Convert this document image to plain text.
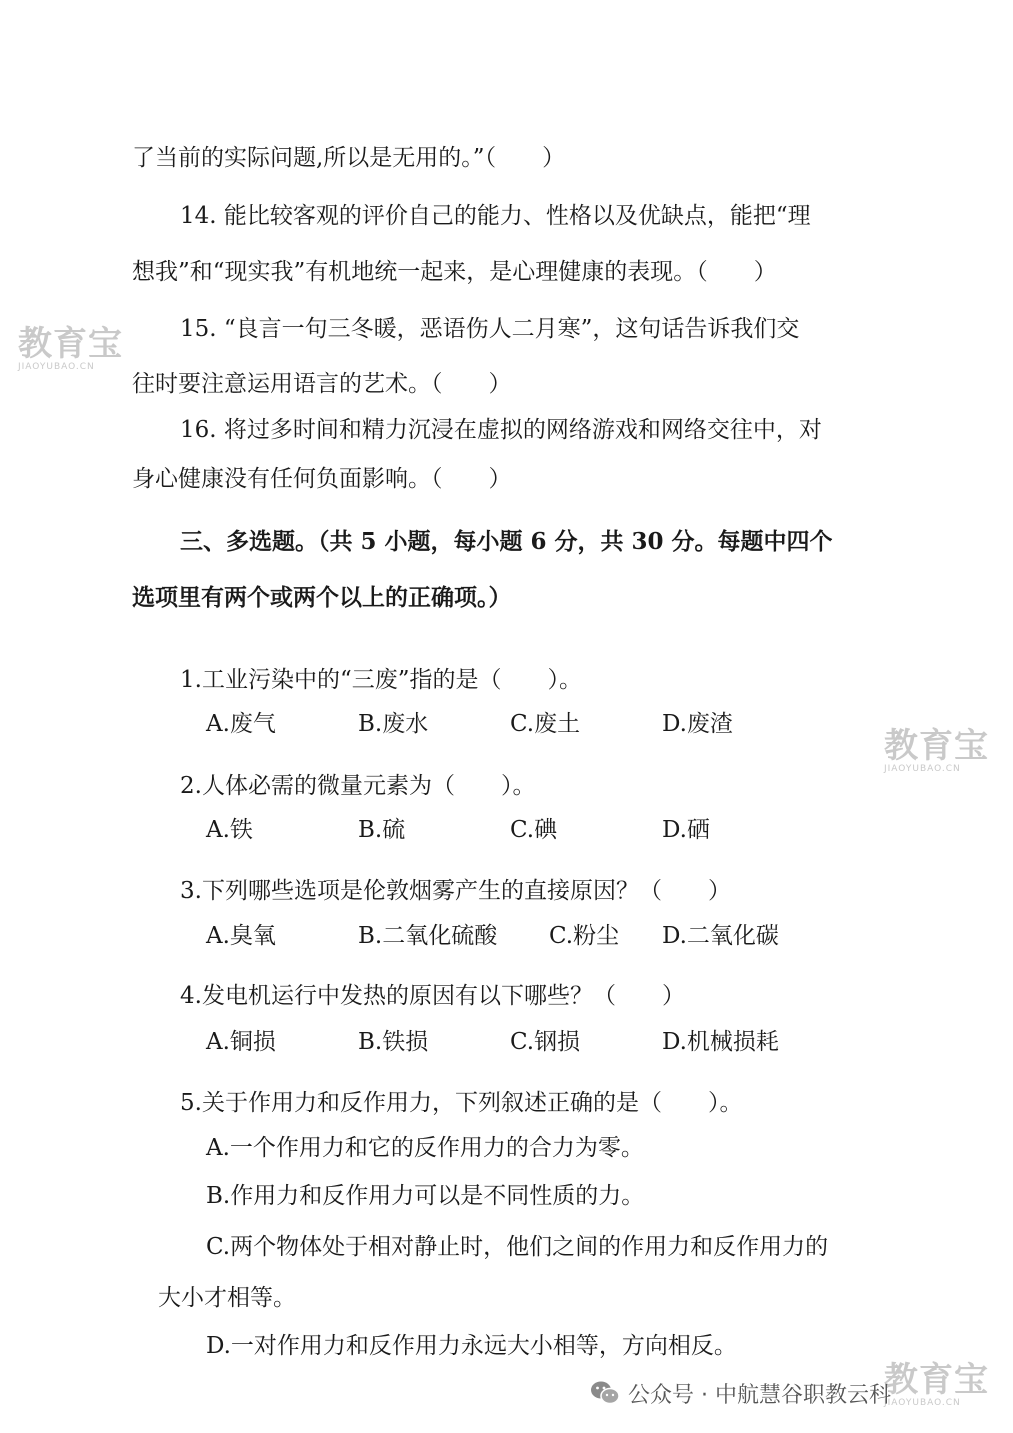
了当前的实际问题,所以是无用的。”（　　）
14. 能比较客观的评价自己的能力、性格以及优缺点，能把“理
想我”和“现实我”有机地统一起来，是心理健康的表现。（　　）
15. “良言一句三冬暖，恶语伤人二月寒”，这句话告诉我们交
往时要注意运用语言的艺术。（　　）
16. 将过多时间和精力沉浸在虚拟的网络游戏和网络交往中，对
身心健康没有任何负面影响。（　　）
三、多选题。（共 5 小题，每小题 6 分，共 30 分。每题中四个
选项里有两个或两个以上的正确项。）
1.工业污染中的“三废”指的是（　　）。
A.废气	B.废水	C.废土	D.废渣
2.人体必需的微量元素为（　　）。
A.铁	B.硫	C.碘	D.硒
3.下列哪些选项是伦敦烟雾产生的直接原因？（　　）
A.臭氧	B.二氧化硫酸 C.粉尘 D.二氧化碳
4.发电机运行中发热的原因有以下哪些？（　　）
A.铜损	B.铁损	C.钢损	D.机械损耗
5.关于作用力和反作用力，下列叙述正确的是（　　）。
A.一个作用力和它的反作用力的合力为零。
B.作用力和反作用力可以是不同性质的力。
C.两个物体处于相对静止时，他们之间的作用力和反作用力的
大小才相等。
D.一对作用力和反作用力永远大小相等，方向相反。
教育宝
JIAOYUBAO.CN
教育宝
JIAOYUBAO.CN
教育宝
JIAOYUBAO.CN
公众号 · 中航慧谷职教云科
